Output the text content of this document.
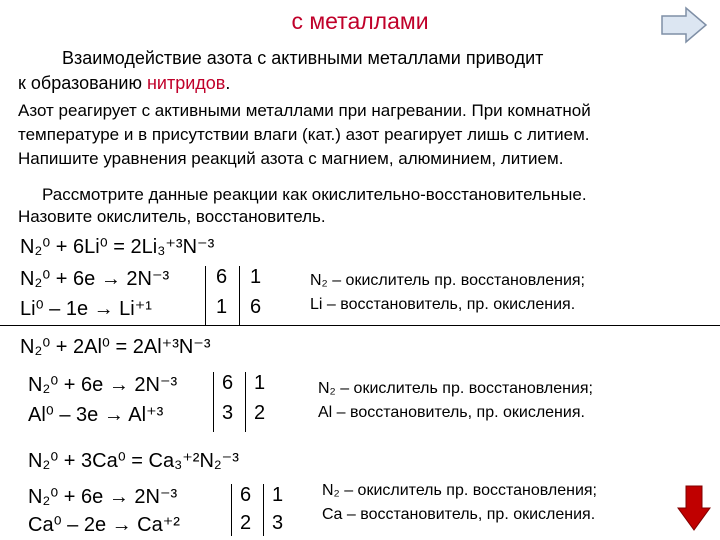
с металлами
Взаимодействие азота с активными металлами приводит
к образованию нитридов.
Азот реагирует с активными металлами при нагревании. При комнатной
температуре и в присутствии влаги (кат.) азот реагирует лишь с литием.
Напишите уравнения реакций азота с магнием, алюминием, литием.
Рассмотрите данные реакции как окислительно-восстановительные.
Назовите окислитель, восстановитель.
N₂⁰ + 6Li⁰ = 2Li₃⁺³N⁻³
N₂⁰ + 6e → 2N⁻³
Li⁰ – 1e → Li⁺¹
6 1
1 6
N₂ – окислитель пр. восстановления;
Li – восстановитель, пр. окисления.
N₂⁰ + 2Al⁰ = 2Al⁺³N⁻³
N₂⁰ + 6e → 2N⁻³
Al⁰ – 3e → Al⁺³
6 1
3 2
N₂ – окислитель пр. восстановления;
Al – восстановитель, пр. окисления.
N₂⁰ + 3Ca⁰ = Ca₃⁺²N₂⁻³
N₂⁰ + 6e → 2N⁻³
Ca⁰ – 2e → Ca⁺²
6 1
2 3
N₂ – окислитель пр. восстановления;
Ca – восстановитель, пр. окисления.
